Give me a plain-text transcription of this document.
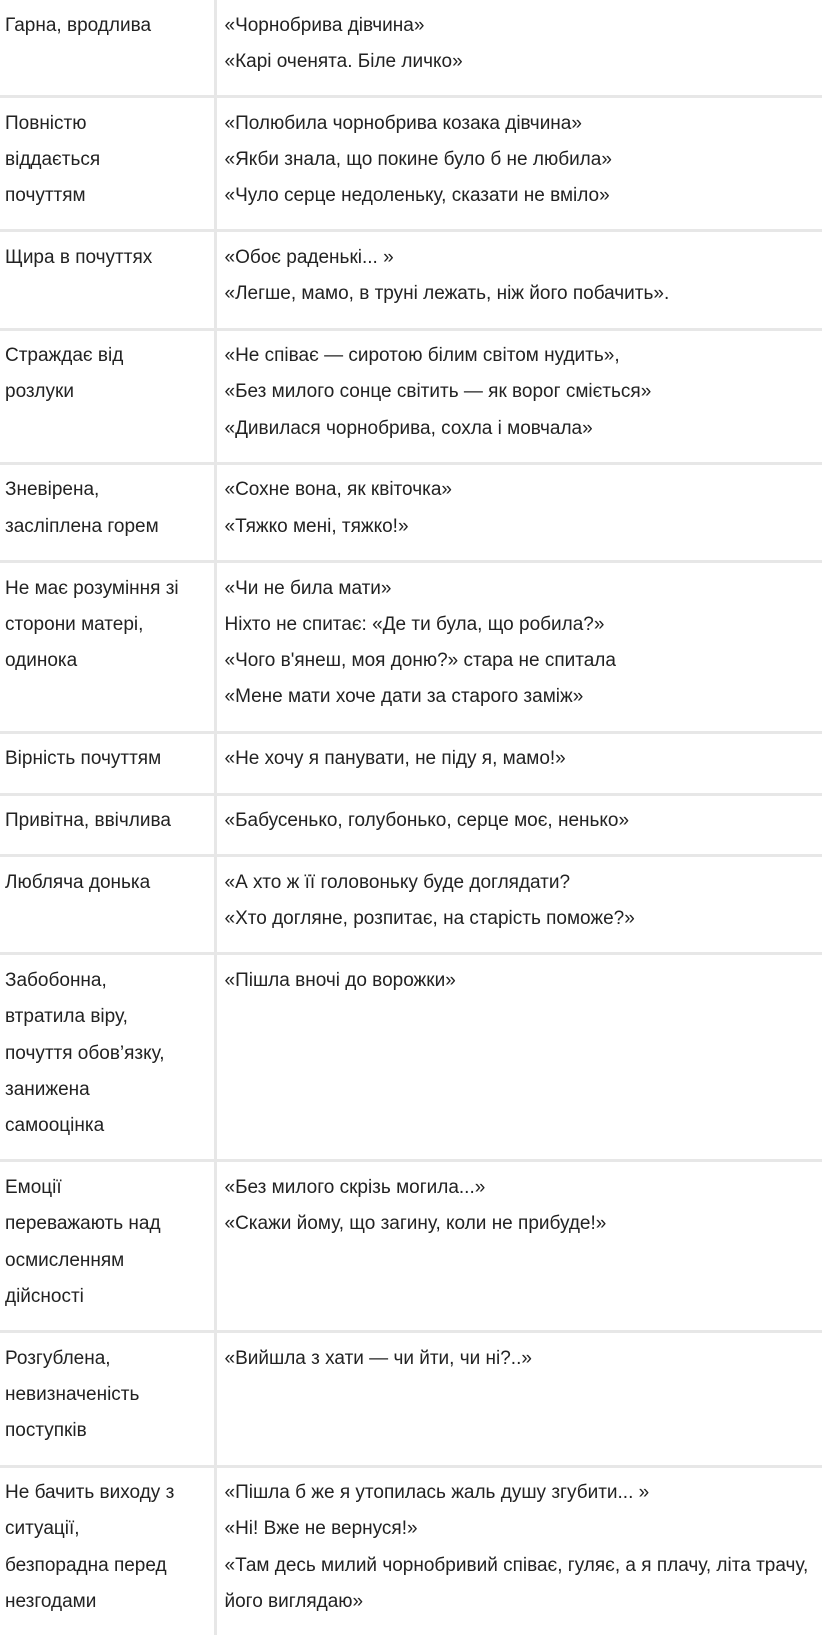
Гарна, вродлива	«Чорнобрива дівчина»
«Карі оченята. Біле личко»

Повністю
віддається
почуттям	«Полюбила чорнобрива козака дівчина»
«Якби знала, що покине було б не любила»
«Чуло серце недоленьку, сказати не вміло»

Щира в почуттях	«Обоє раденькі... »
«Легше, мамо, в труні лежать, ніж його побачить».

Страждає від
розлуки	«Не співає — сиротою білим світом нудить»,
«Без милого сонце світить — як ворог сміється»
«Дивилася чорнобрива, сохла і мовчала»

Зневірена,
засліплена горем	«Сохне вона, як квіточка»
«Тяжко мені, тяжко!»

Не має розуміння зі
сторони матері,
одинока	«Чи не била мати»
Ніхто не спитає: «Де ти була, що робила?»
«Чого в'янеш, моя доню?» стара не спитала
«Мене мати хоче дати за старого заміж»

Вірність почуттям	«Не хочу я панувати, не піду я, мамо!»

Привітна, ввічлива	«Бабусенько, голубонько, серце моє, ненько»

Любляча донька	«А хто ж її головоньку буде доглядати?
«Хто догляне, розпитає, на старість поможе?»

Забобонна,
втратила віру,
почуття обов’язку,
занижена
самооцінка	«Пішла вночі до ворожки»

Емоції
переважають над
осмисленням
дійсності	«Без милого скрізь могила...»
«Скажи йому, що загину, коли не прибуде!»

Розгублена,
невизначеність
поступків	«Вийшла з хати — чи йти, чи ні?..»

Не бачить виходу з
ситуації,
безпорадна перед
незгодами	«Пішла б же я утопилась жаль душу згубити... »
«Ні! Вже не вернуся!»
«Там десь милий чорнобривий співає, гуляє, а я плачу, літа трачу, його виглядаю»
